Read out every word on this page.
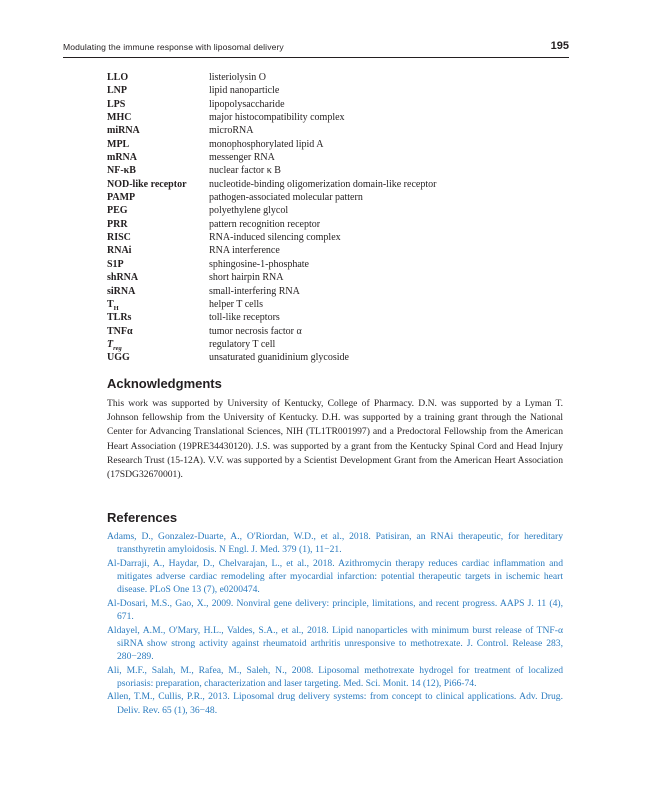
Modulating the immune response with liposomal delivery	195
LLO	listeriolysin O
LNP	lipid nanoparticle
LPS	lipopolysaccharide
MHC	major histocompatibility complex
miRNA	microRNA
MPL	monophosphorylated lipid A
mRNA	messenger RNA
NF-κB	nuclear factor κ B
NOD-like receptor	nucleotide-binding oligomerization domain-like receptor
PAMP	pathogen-associated molecular pattern
PEG	polyethylene glycol
PRR	pattern recognition receptor
RISC	RNA-induced silencing complex
RNAi	RNA interference
S1P	sphingosine-1-phosphate
shRNA	short hairpin RNA
siRNA	small-interfering RNA
$T_H$	helper T cells
TLRs	toll-like receptors
TNFα	tumor necrosis factor α
$T_{reg}$	regulatory T cell
UGG	unsaturated guanidinium glycoside
Acknowledgments

This work was supported by University of Kentucky, College of Pharmacy. D.N. was supported by a Lyman T. Johnson fellowship from the University of Kentucky. D.H. was supported by a training grant through the National Center for Advancing Translational Sciences, NIH (TL1TR001997) and a Predoctoral Fellowship from the American Heart Association (19PRE34430120). J.S. was supported by a grant from the Kentucky Spinal Cord and Head Injury Research Trust (15-12A). V.V. was supported by a Scientist Development Grant from the American Heart Association (17SDG32670001).

References
Adams, D., Gonzalez-Duarte, A., O'Riordan, W.D., et al., 2018. Patisiran, an RNAi therapeutic, for hereditary transthyretin amyloidosis. N Engl. J. Med. 379 (1), 11−21.
Al-Darraji, A., Haydar, D., Chelvarajan, L., et al., 2018. Azithromycin therapy reduces cardiac inflammation and mitigates adverse cardiac remodeling after myocardial infarction: potential therapeutic targets in ischemic heart disease. PLoS One 13 (7), e0200474.
Al-Dosari, M.S., Gao, X., 2009. Nonviral gene delivery: principle, limitations, and recent progress. AAPS J. 11 (4), 671.
Aldayel, A.M., O'Mary, H.L., Valdes, S.A., et al., 2018. Lipid nanoparticles with minimum burst release of TNF-α siRNA show strong activity against rheumatoid arthritis unresponsive to methotrexate. J. Control. Release 283, 280−289.
Ali, M.F., Salah, M., Rafea, M., Saleh, N., 2008. Liposomal methotrexate hydrogel for treatment of localized psoriasis: preparation, characterization and laser targeting. Med. Sci. Monit. 14 (12), Pi66-74.
Allen, T.M., Cullis, P.R., 2013. Liposomal drug delivery systems: from concept to clinical applications. Adv. Drug. Deliv. Rev. 65 (1), 36−48.
